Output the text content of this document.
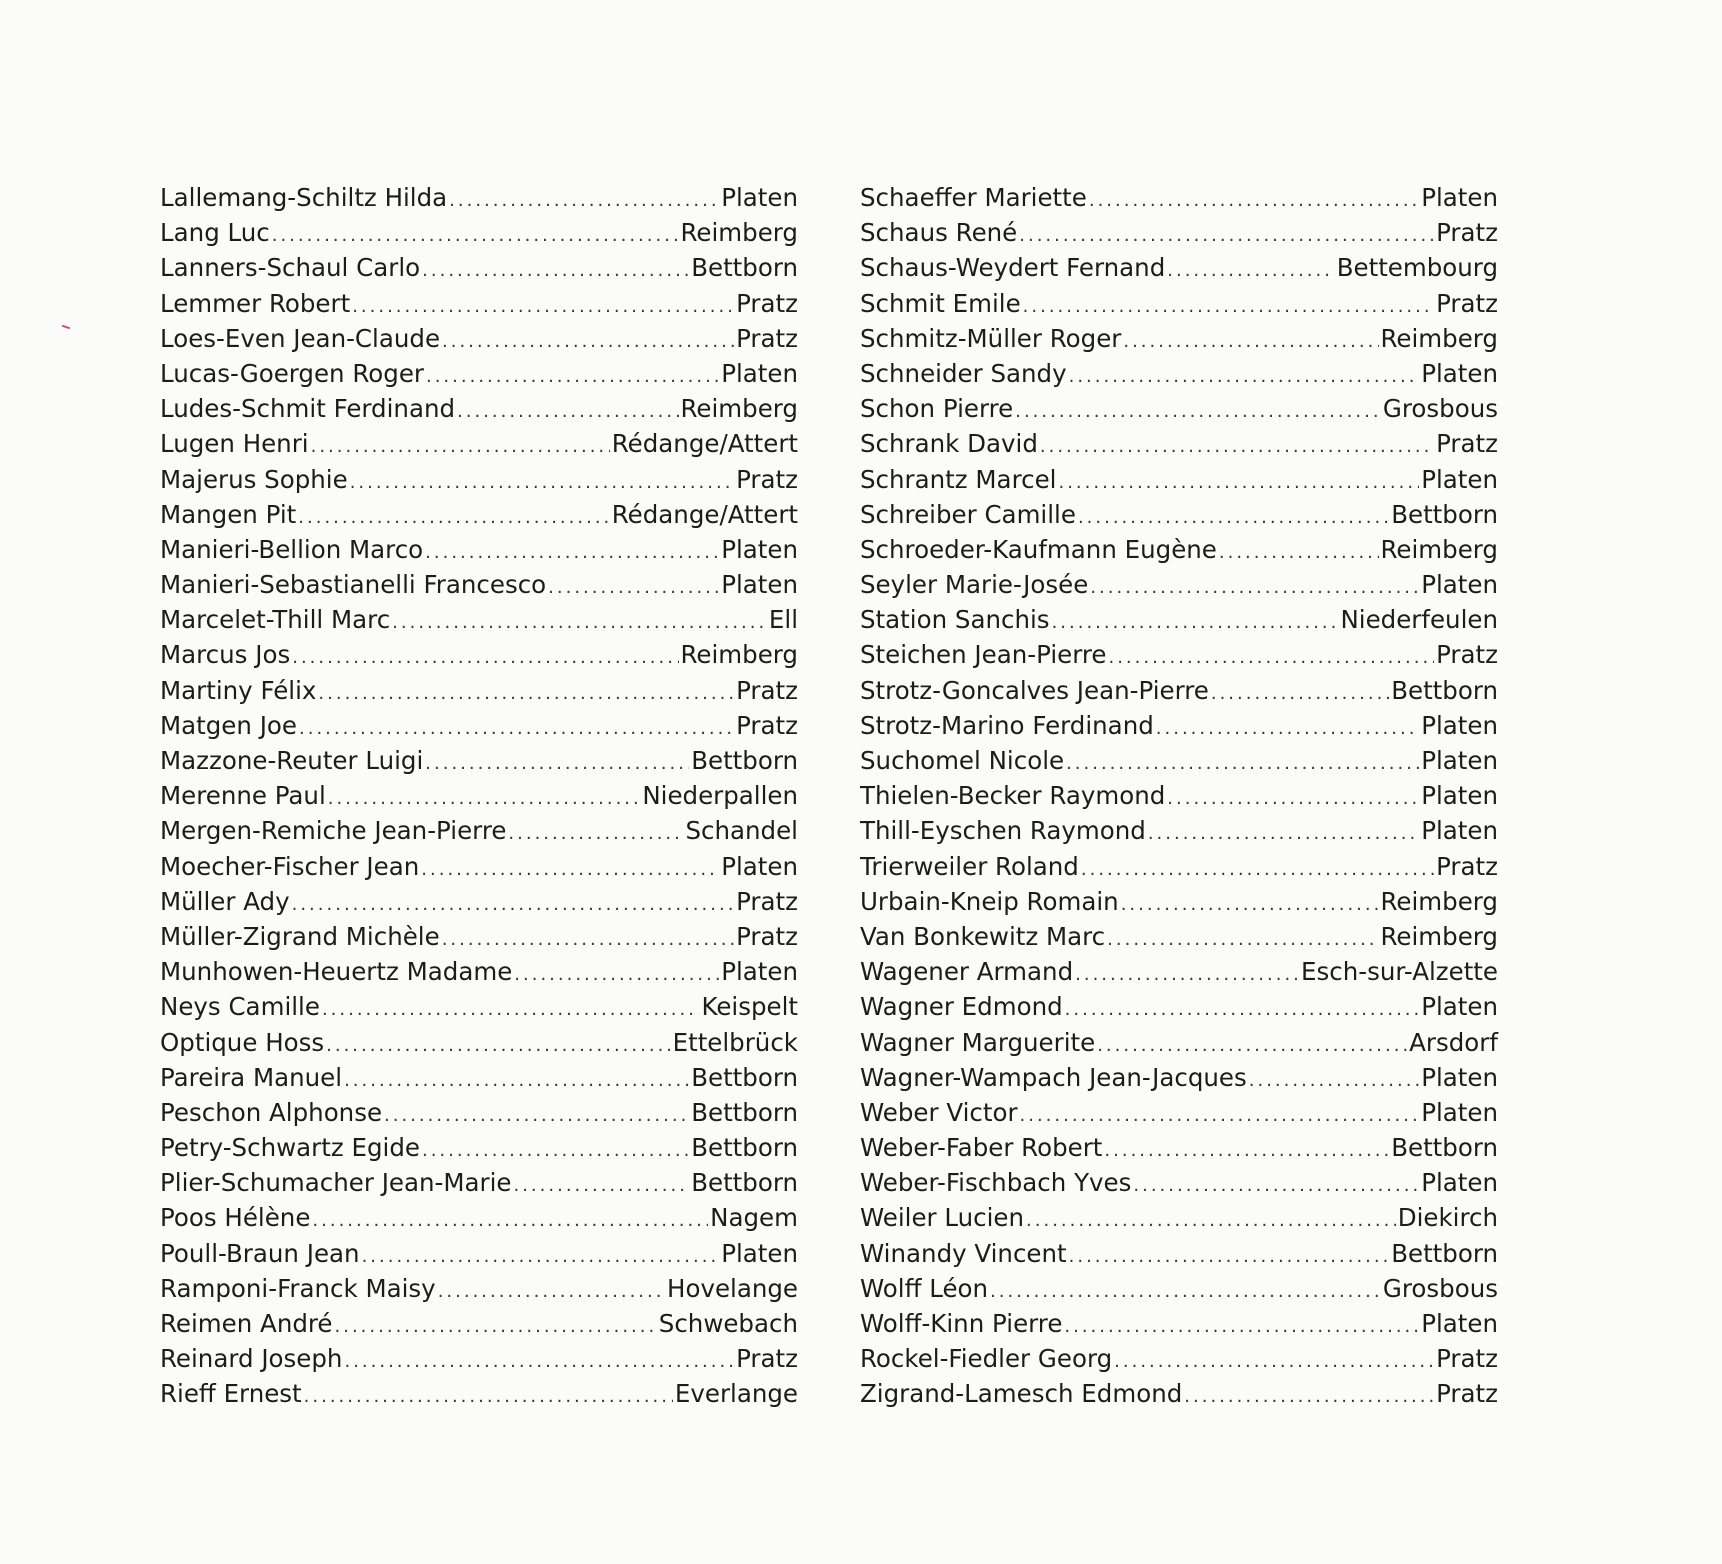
Lallemang-Schiltz Hilda .....	Platen
Lang Luc .....	Reimberg
Lanners-Schaul Carlo .....	Bettborn
Lemmer Robert .....	Pratz
Loes-Even Jean-Claude .....	Pratz
Lucas-Goergen Roger .....	Platen
Ludes-Schmit Ferdinand .....	Reimberg
Lugen Henri .....	Rédange/Attert
Majerus Sophie .....	Pratz
Mangen Pit .....	Rédange/Attert
Manieri-Bellion Marco .....	Platen
Manieri-Sebastianelli Francesco .....	Platen
Marcelet-Thill Marc .....	Ell
Marcus Jos .....	Reimberg
Martiny Félix .....	Pratz
Matgen Joe .....	Pratz
Mazzone-Reuter Luigi .....	Bettborn
Merenne Paul .....	Niederpallen
Mergen-Remiche Jean-Pierre .....	Schandel
Moecher-Fischer Jean .....	Platen
Müller Ady .....	Pratz
Müller-Zigrand Michèle .....	Pratz
Munhowen-Heuertz Madame .....	Platen
Neys Camille .....	Keispelt
Optique Hoss .....	Ettelbrück
Pareira Manuel .....	Bettborn
Peschon Alphonse .....	Bettborn
Petry-Schwartz Egide .....	Bettborn
Plier-Schumacher Jean-Marie .....	Bettborn
Poos Hélène .....	Nagem
Poull-Braun Jean .....	Platen
Ramponi-Franck Maisy .....	Hovelange
Reimen André .....	Schwebach
Reinard Joseph .....	Pratz
Rieff Ernest .....	Everlange
Schaeffer Mariette .....	Platen
Schaus René .....	Pratz
Schaus-Weydert Fernand .....	Bettembourg
Schmit Emile .....	Pratz
Schmitz-Müller Roger .....	Reimberg
Schneider Sandy .....	Platen
Schon Pierre .....	Grosbous
Schrank David .....	Pratz
Schrantz Marcel .....	Platen
Schreiber Camille .....	Bettborn
Schroeder-Kaufmann Eugène .....	Reimberg
Seyler Marie-Josée .....	Platen
Station Sanchis .....	Niederfeulen
Steichen Jean-Pierre .....	Pratz
Strotz-Goncalves Jean-Pierre .....	Bettborn
Strotz-Marino Ferdinand .....	Platen
Suchomel Nicole .....	Platen
Thielen-Becker Raymond .....	Platen
Thill-Eyschen Raymond .....	Platen
Trierweiler Roland .....	Pratz
Urbain-Kneip Romain .....	Reimberg
Van Bonkewitz Marc .....	Reimberg
Wagener Armand .....	Esch-sur-Alzette
Wagner Edmond .....	Platen
Wagner Marguerite .....	Arsdorf
Wagner-Wampach Jean-Jacques .....	Platen
Weber Victor .....	Platen
Weber-Faber Robert .....	Bettborn
Weber-Fischbach Yves .....	Platen
Weiler Lucien .....	Diekirch
Winandy Vincent .....	Bettborn
Wolff Léon .....	Grosbous
Wolff-Kinn Pierre .....	Platen
Rockel-Fiedler Georg .....	Pratz
Zigrand-Lamesch Edmond .....	Pratz
